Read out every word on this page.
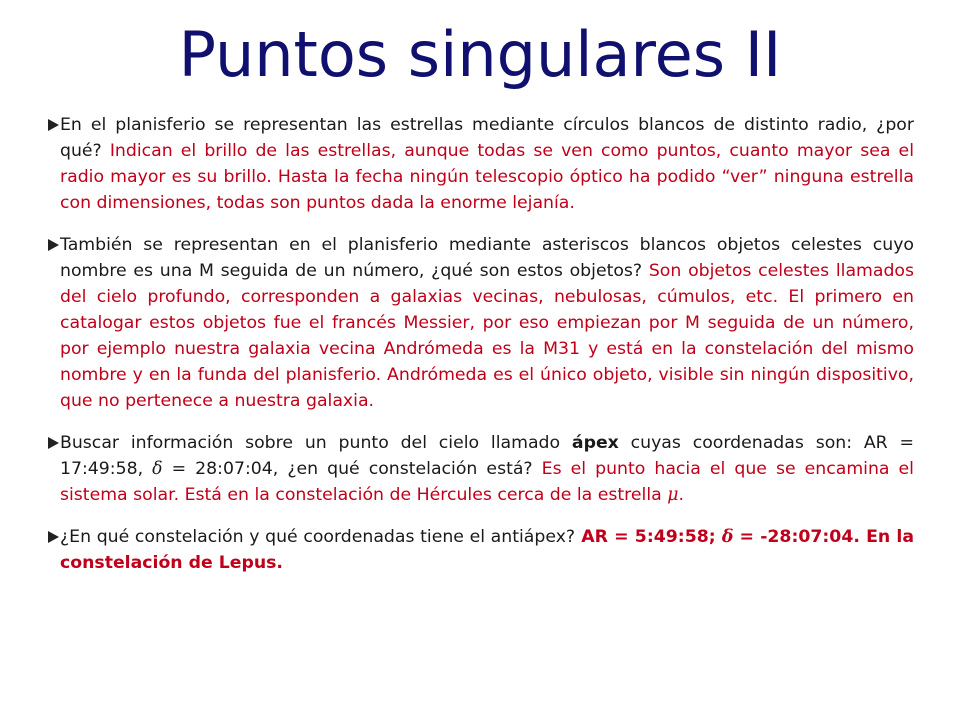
Puntos singulares II

En el planisferio se representan las estrellas mediante círculos blancos de distinto radio, ¿por qué? Indican el brillo de las estrellas, aunque todas se ven como puntos, cuanto mayor sea el radio mayor es su brillo. Hasta la fecha ningún telescopio óptico ha podido “ver” ninguna estrella con dimensiones, todas son puntos dada la enorme lejanía.

También se representan en el planisferio mediante asteriscos blancos objetos celestes cuyo nombre es una M seguida de un número, ¿qué son estos objetos? Son objetos celestes llamados del cielo profundo, corresponden a galaxias vecinas, nebulosas, cúmulos, etc. El primero en catalogar estos objetos fue el francés Messier, por eso empiezan por M seguida de un número, por ejemplo nuestra galaxia vecina Andrómeda es la M31 y está en la constelación del mismo nombre y en la funda del planisferio. Andrómeda es el único objeto, visible sin ningún dispositivo, que no pertenece a nuestra galaxia.

Buscar información sobre un punto del cielo llamado ápex cuyas coordenadas son: AR = 17:49:58, δ = 28:07:04, ¿en qué constelación está? Es el punto hacia el que se encamina el sistema solar. Está en la constelación de Hércules cerca de la estrella μ.

¿En qué constelación y qué coordenadas tiene el antiápex? AR = 5:49:58; δ = -28:07:04. En la constelación de Lepus.
